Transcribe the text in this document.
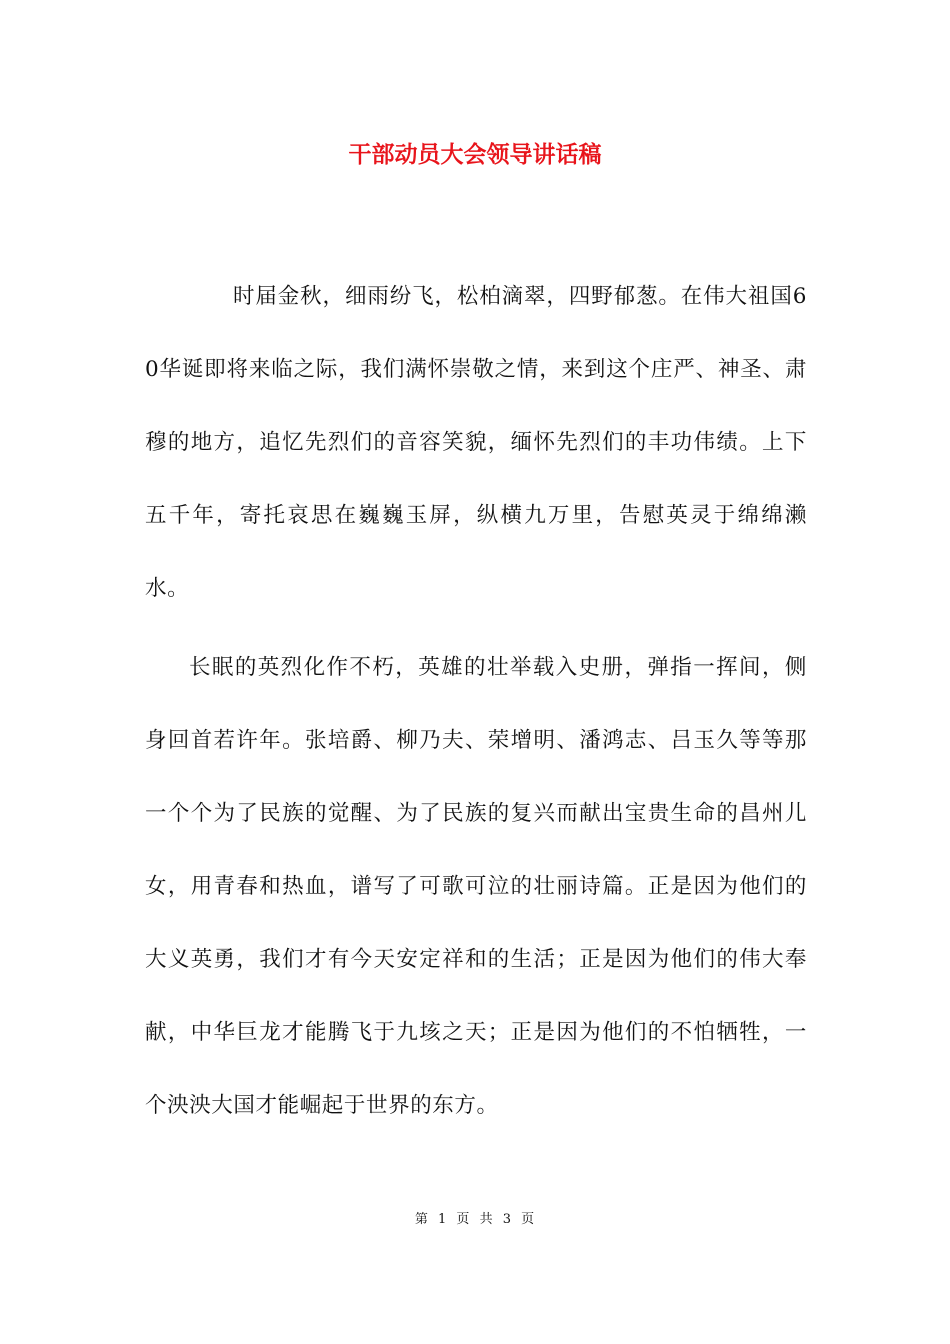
干部动员大会领导讲话稿

时届金秋，细雨纷飞，松柏滴翠，四野郁葱。在伟大祖国60华诞即将来临之际，我们满怀崇敬之情，来到这个庄严、神圣、肃穆的地方，追忆先烈们的音容笑貌，缅怀先烈们的丰功伟绩。上下五千年，寄托哀思在巍巍玉屏，纵横九万里，告慰英灵于绵绵濑水。

长眠的英烈化作不朽，英雄的壮举载入史册，弹指一挥间，侧身回首若许年。张培爵、柳乃夫、荣增明、潘鸿志、吕玉久等等那一个个为了民族的觉醒、为了民族的复兴而献出宝贵生命的昌州儿女，用青春和热血，谱写了可歌可泣的壮丽诗篇。正是因为他们的大义英勇，我们才有今天安定祥和的生活；正是因为他们的伟大奉献，中华巨龙才能腾飞于九垓之天；正是因为他们的不怕牺牲，一个泱泱大国才能崛起于世界的东方。

第 1 页 共 3 页
